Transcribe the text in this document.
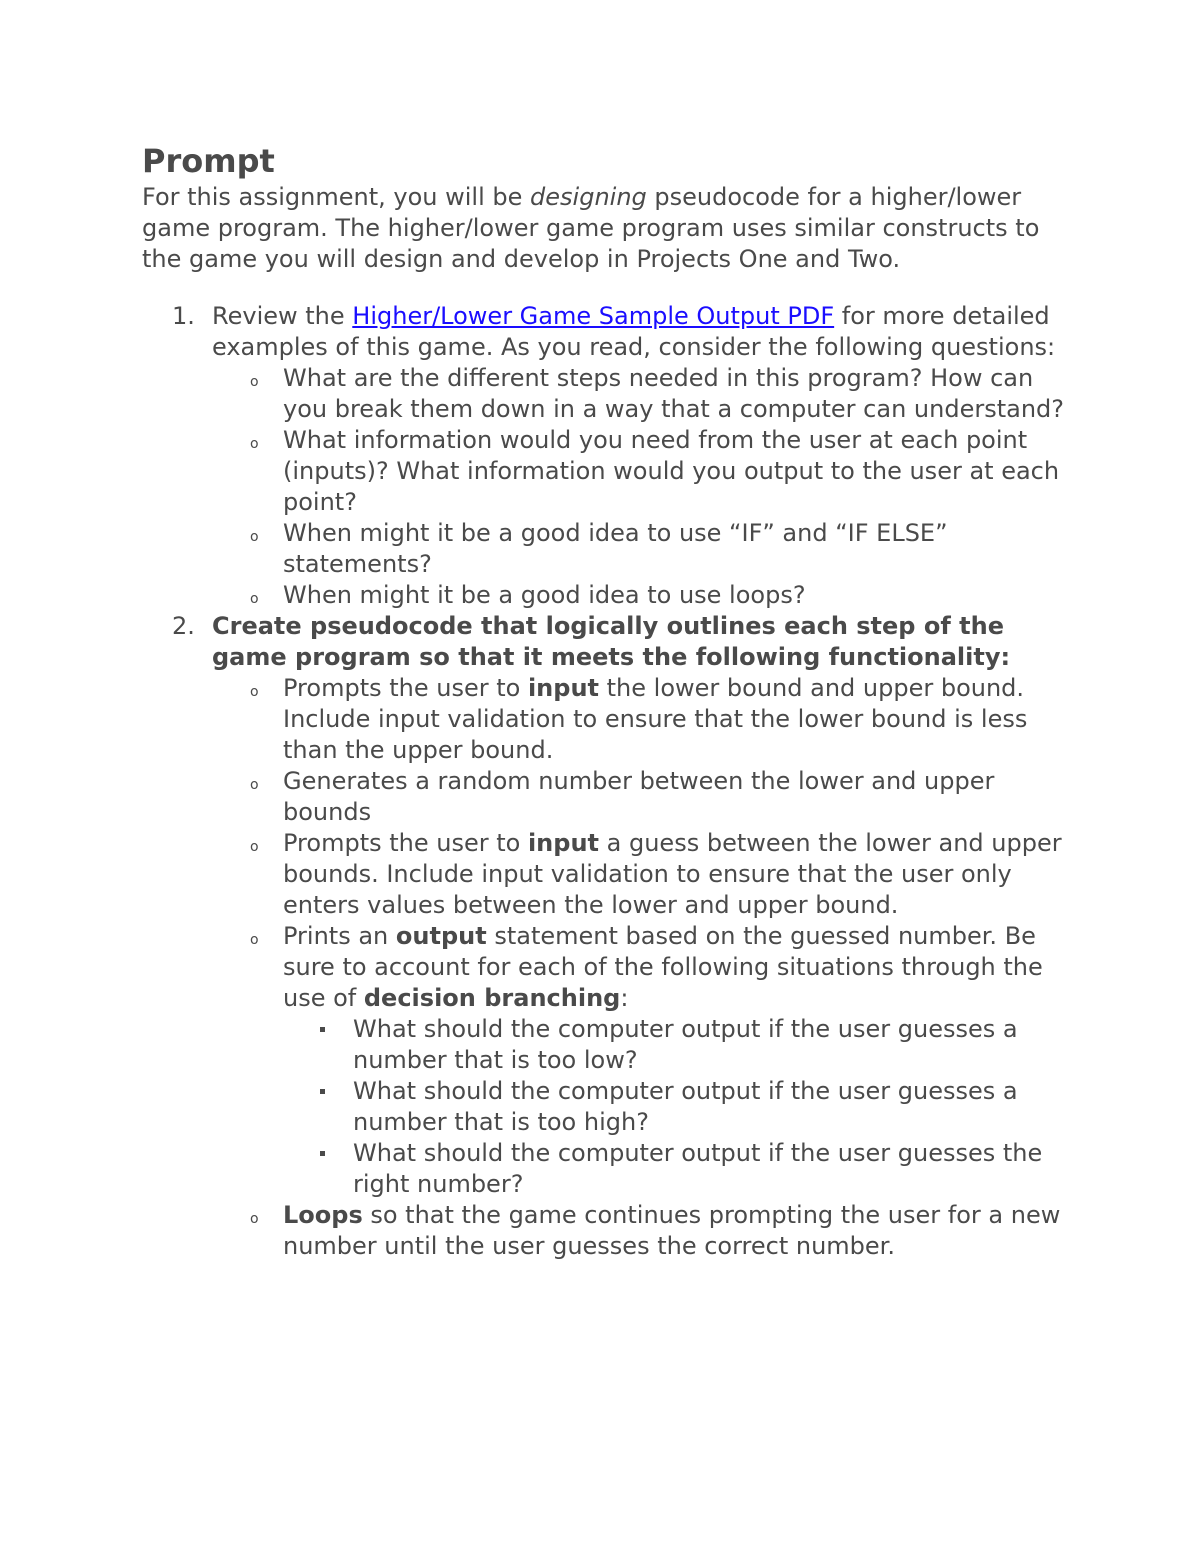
Prompt

For this assignment, you will be designing pseudocode for a higher/lower game program. The higher/lower game program uses similar constructs to the game you will design and develop in Projects One and Two.

1. Review the Higher/Lower Game Sample Output PDF for more detailed examples of this game. As you read, consider the following questions:
o What are the different steps needed in this program? How can you break them down in a way that a computer can understand?
o What information would you need from the user at each point (inputs)? What information would you output to the user at each point?
o When might it be a good idea to use “IF” and “IF ELSE” statements?
o When might it be a good idea to use loops?
2. Create pseudocode that logically outlines each step of the game program so that it meets the following functionality:
o Prompts the user to input the lower bound and upper bound. Include input validation to ensure that the lower bound is less than the upper bound.
o Generates a random number between the lower and upper bounds
o Prompts the user to input a guess between the lower and upper bounds. Include input validation to ensure that the user only enters values between the lower and upper bound.
o Prints an output statement based on the guessed number. Be sure to account for each of the following situations through the use of decision branching:
What should the computer output if the user guesses a number that is too low?
What should the computer output if the user guesses a number that is too high?
What should the computer output if the user guesses the right number?
o Loops so that the game continues prompting the user for a new number until the user guesses the correct number.
